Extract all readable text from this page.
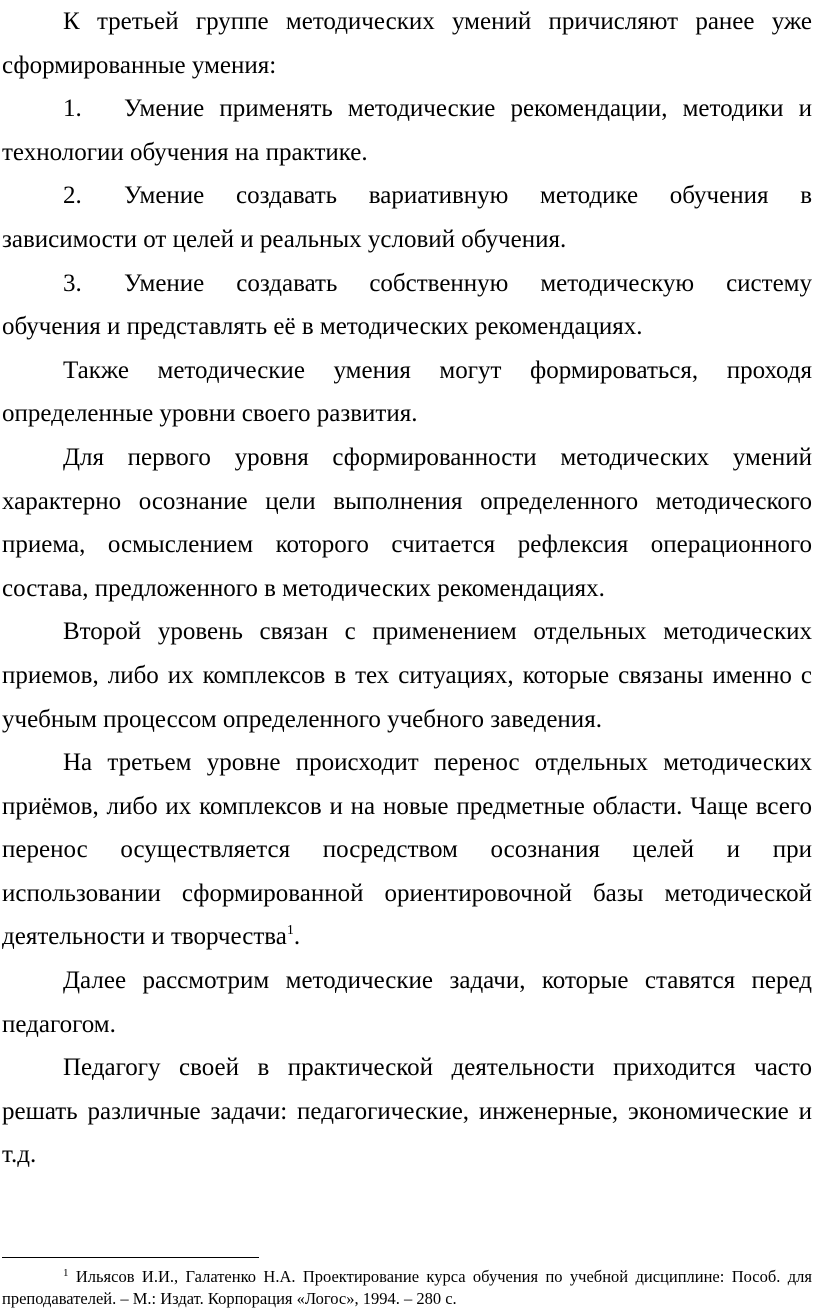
К третьей группе методических умений причисляют ранее уже сформированные умения:

1. Умение применять методические рекомендации, методики и технологии обучения на практике.

2. Умение создавать вариативную методике обучения в зависимости от целей и реальных условий обучения.

3. Умение создавать собственную методическую систему обучения и представлять её в методических рекомендациях.

Также методические умения могут формироваться, проходя определенные уровни своего развития.

Для первого уровня сформированности методических умений характерно осознание цели выполнения определенного методического приема, осмыслением которого считается рефлексия операционного состава, предложенного в методических рекомендациях.

Второй уровень связан с применением отдельных методических приемов, либо их комплексов в тех ситуациях, которые связаны именно с учебным процессом определенного учебного заведения.

На третьем уровне происходит перенос отдельных методических приёмов, либо их комплексов и на новые предметные области. Чаще всего перенос осуществляется посредством осознания целей и при использовании сформированной ориентировочной базы методической деятельности и творчества$^1$.

Далее рассмотрим методические задачи, которые ставятся перед педагогом.

Педагогу своей в практической деятельности приходится часто решать различные задачи: педагогические, инженерные, экономические и т.д.

$^1$ Ильясов И.И., Галатенко Н.А. Проектирование курса обучения по учебной дисциплине: Пособ. для преподавателей. – М.: Издат. Корпорация «Логос», 1994. – 280 с.
